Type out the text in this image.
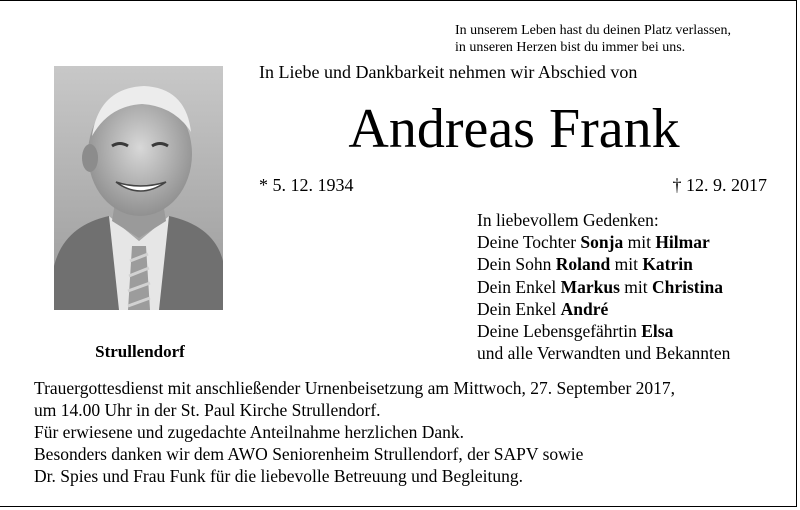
In unserem Leben hast du deinen Platz verlassen,
in unseren Herzen bist du immer bei uns.
Strullendorf
In Liebe und Dankbarkeit nehmen wir Abschied von
Andreas Frank
* 5. 12. 1934	† 12. 9. 2017
In liebevollem Gedenken:
Deine Tochter Sonja mit Hilmar
Dein Sohn Roland mit Katrin
Dein Enkel Markus mit Christina
Dein Enkel André
Deine Lebensgefährtin Elsa
und alle Verwandten und Bekannten
Trauergottesdienst mit anschließender Urnenbeisetzung am Mittwoch, 27. September 2017,
um 14.00 Uhr in der St. Paul Kirche Strullendorf.
Für erwiesene und zugedachte Anteilnahme herzlichen Dank.
Besonders danken wir dem AWO Seniorenheim Strullendorf, der SAPV sowie
Dr. Spies und Frau Funk für die liebevolle Betreuung und Begleitung.
